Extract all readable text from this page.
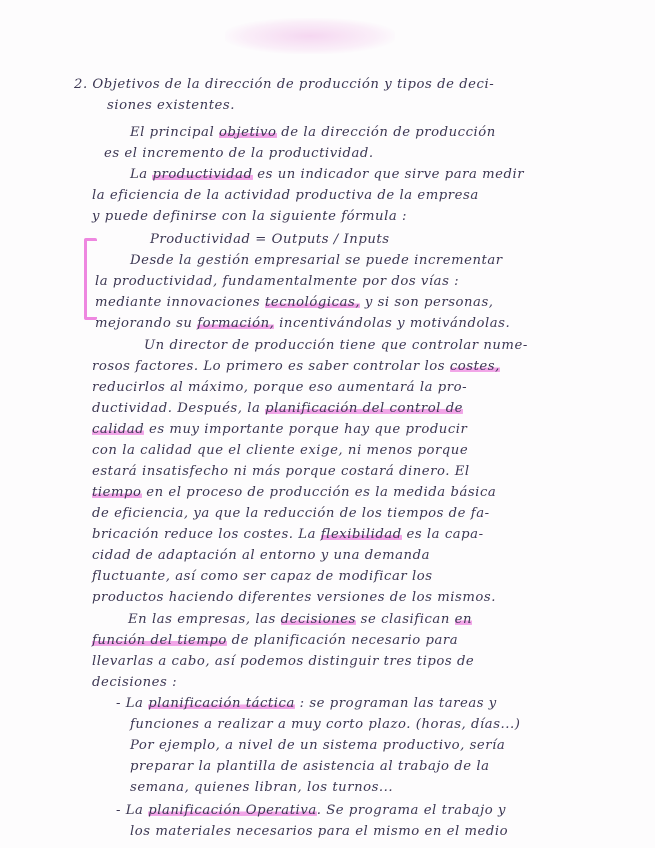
2. Objetivos de la dirección de producción y tipos de deci-
siones existentes.
El principal objetivo de la dirección de producción
es el incremento de la productividad.
La productividad es un indicador que sirve para medir
la eficiencia de la actividad productiva de la empresa
y puede definirse con la siguiente fórmula :
Productividad = Outputs / Inputs
Desde la gestión empresarial se puede incrementar
la productividad, fundamentalmente por dos vías :
mediante innovaciones tecnológicas, y si son personas,
mejorando su formación, incentivándolas y motivándolas.
Un director de producción tiene que controlar nume-
rosos factores. Lo primero es saber controlar los costes,
reducirlos al máximo, porque eso aumentará la pro-
ductividad. Después, la planificación del control de
calidad es muy importante porque hay que producir
con la calidad que el cliente exige, ni menos porque
estará insatisfecho ni más porque costará dinero. El
tiempo en el proceso de producción es la medida básica
de eficiencia, ya que la reducción de los tiempos de fa-
bricación reduce los costes. La flexibilidad es la capa-
cidad de adaptación al entorno y una demanda
fluctuante, así como ser capaz de modificar los
productos haciendo diferentes versiones de los mismos.
En las empresas, las decisiones se clasifican en
función del tiempo de planificación necesario para
llevarlas a cabo, así podemos distinguir tres tipos de
decisiones :
- La planificación táctica : se programan las tareas y
funciones a realizar a muy corto plazo. (horas, días...)
Por ejemplo, a nivel de un sistema productivo, sería
preparar la plantilla de asistencia al trabajo de la
semana, quienes libran, los turnos...
- La planificación Operativa. Se programa el trabajo y
los materiales necesarios para el mismo en el medio
